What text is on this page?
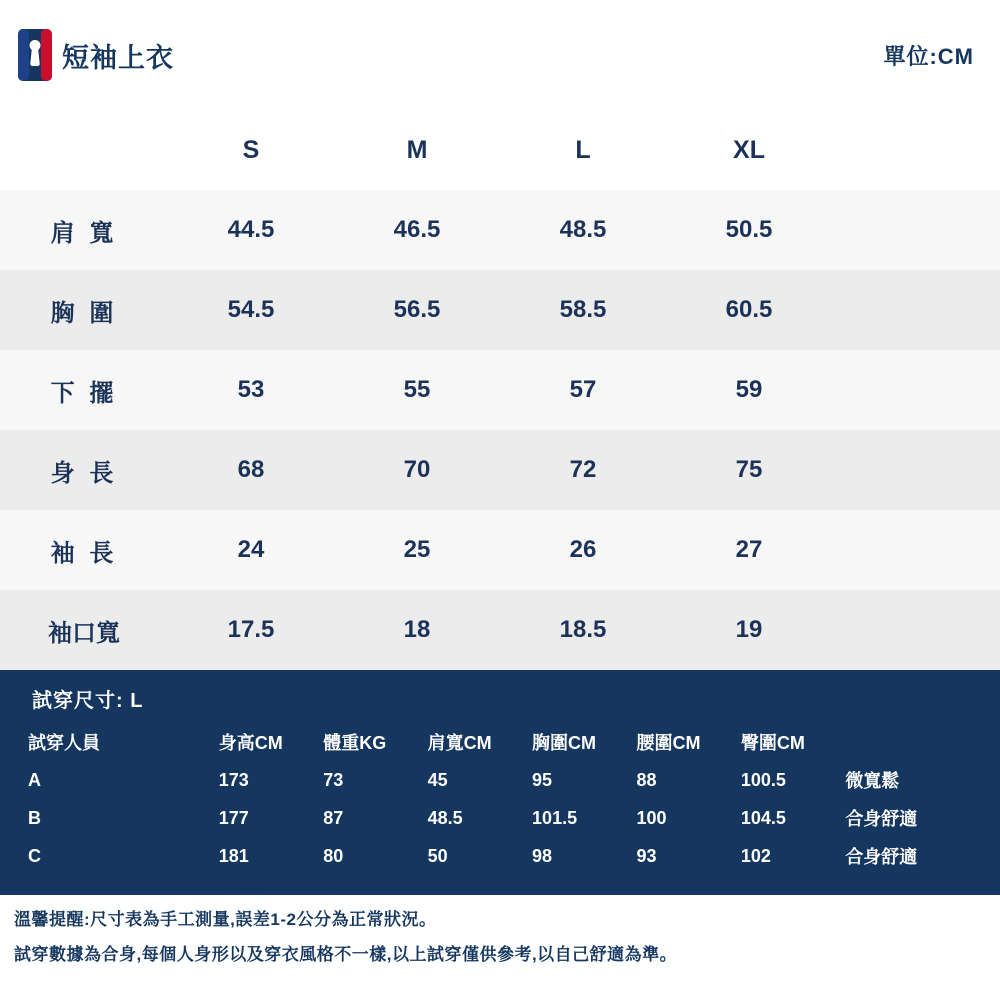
短袖上衣	單位:CM
	S	M	L	XL	
肩 寬	44.5	46.5	48.5	50.5	
胸 圍	54.5	56.5	58.5	60.5	
下 擺	53	55	57	59	
身 長	68	70	72	75	
袖 長	24	25	26	27	
袖口寬	17.5	18	18.5	19	
試穿尺寸: L
試穿人員	身高CM	體重KG	肩寬CM	胸圍CM	腰圍CM	臀圍CM	
A	173	73	45	95	88	100.5	微寬鬆
B	177	87	48.5	101.5	100	104.5	合身舒適
C	181	80	50	98	93	102	合身舒適

溫馨提醒:尺寸表為手工測量,誤差1-2公分為正常狀況。

試穿數據為合身,每個人身形以及穿衣風格不一樣,以上試穿僅供參考,以自己舒適為準。
